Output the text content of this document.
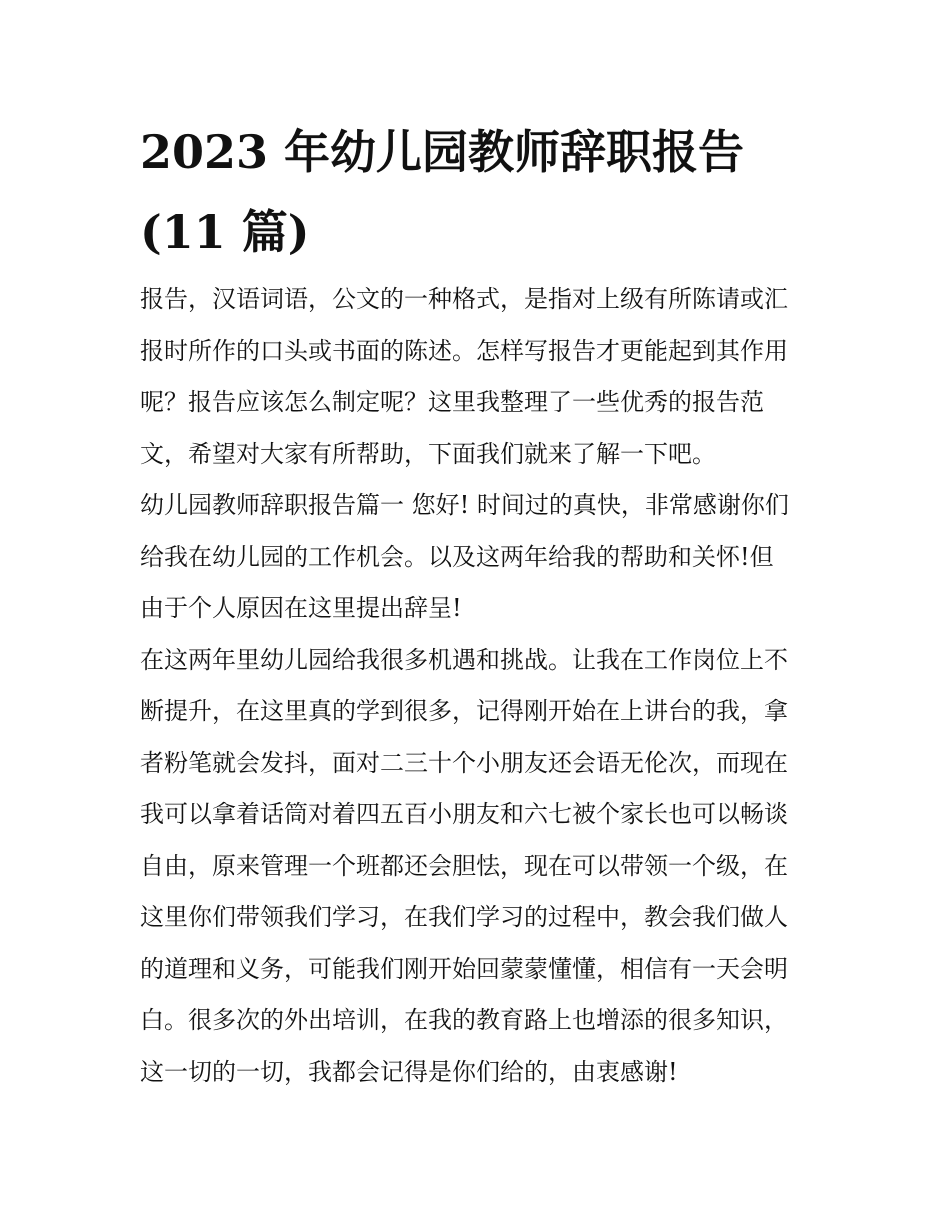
2023 年幼儿园教师辞职报告
(11 篇)

报告，汉语词语，公文的一种格式，是指对上级有所陈请或汇
报时所作的口头或书面的陈述。怎样写报告才更能起到其作用
呢？报告应该怎么制定呢？这里我整理了一些优秀的报告范
文，希望对大家有所帮助，下面我们就来了解一下吧。

幼儿园教师辞职报告篇一 您好! 时间过的真快，非常感谢你们
给我在幼儿园的工作机会。以及这两年给我的帮助和关怀!但
由于个人原因在这里提出辞呈!

在这两年里幼儿园给我很多机遇和挑战。让我在工作岗位上不
断提升，在这里真的学到很多，记得刚开始在上讲台的我，拿
者粉笔就会发抖，面对二三十个小朋友还会语无伦次，而现在
我可以拿着话筒对着四五百小朋友和六七被个家长也可以畅谈
自由，原来管理一个班都还会胆怯，现在可以带领一个级，在
这里你们带领我们学习，在我们学习的过程中，教会我们做人
的道理和义务，可能我们刚开始回蒙蒙懂懂，相信有一天会明
白。很多次的外出培训，在我的教育路上也增添的很多知识，
这一切的一切，我都会记得是你们给的，由衷感谢!
